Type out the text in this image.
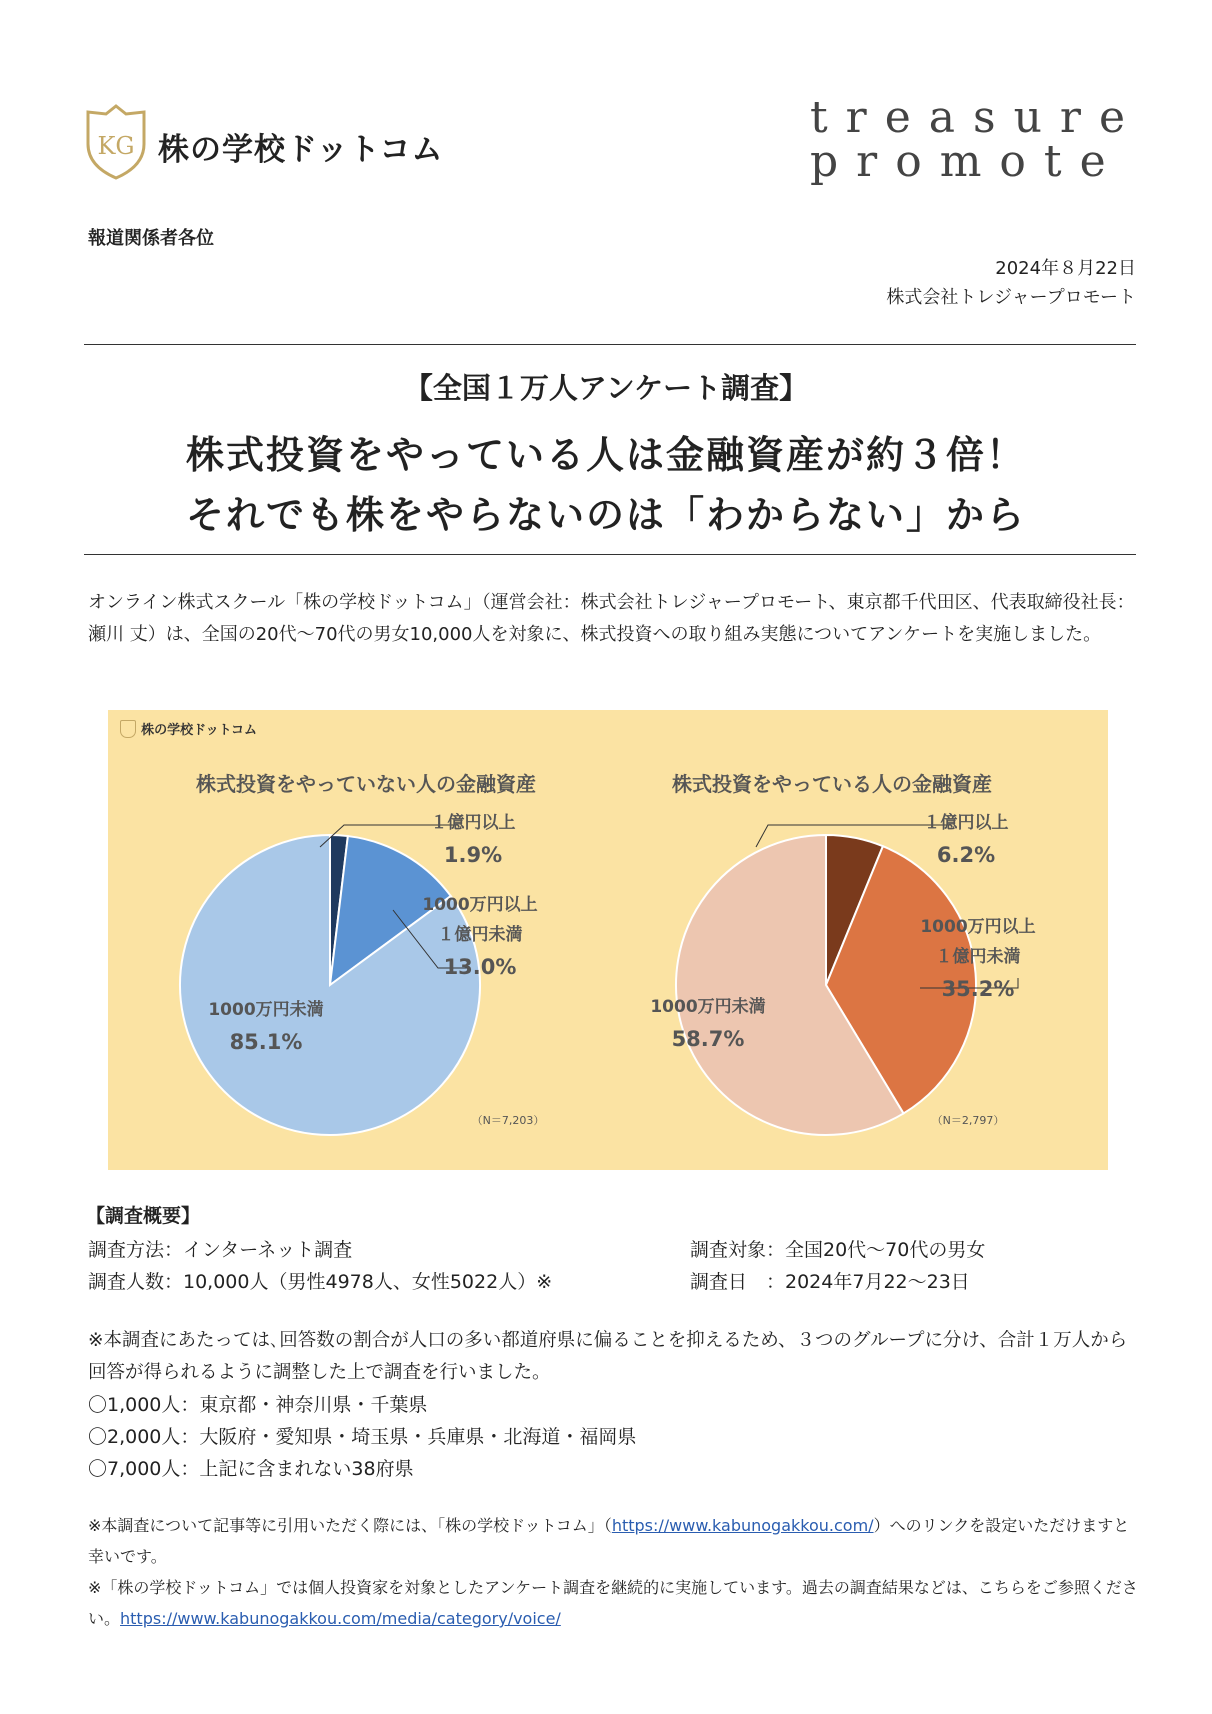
KG 株の学校ドットコム
treasure
promote
報道関係者各位
2024年８月22日
株式会社トレジャープロモート
【全国１万人アンケート調査】
株式投資をやっている人は金融資産が約３倍！
それでも株をやらないのは「わからない」から
オンライン株式スクール「株の学校ドットコム」（運営会社：株式会社トレジャープロモート、東京都千代田区、代表取締役社長：瀬川 丈）は、全国の20代〜70代の男女10,000人を対象に、株式投資への取り組み実態についてアンケートを実施しました。
株の学校ドットコム
株式投資をやっていない人の金融資産	株式投資をやっている人の金融資産
１億円以上
1.9%
1000万円以上
１億円未満
13.0%
1000万円未満
85.1%
（N＝7,203）
１億円以上
6.2%
1000万円以上
１億円未満
35.2%
1000万円未満
58.7%
（N＝2,797）
【調査概要】
調査方法：インターネット調査	調査対象：全国20代〜70代の男女
調査人数：10,000人（男性4978人、女性5022人）※	調査日　：2024年7月22〜23日
※本調査にあたっては､回答数の割合が人口の多い都道府県に偏ることを抑えるため、３つのグループに分け、合計１万人から回答が得られるように調整した上で調査を行いました。
〇1,000人：東京都・神奈川県・千葉県
〇2,000人：大阪府・愛知県・埼玉県・兵庫県・北海道・福岡県
〇7,000人：上記に含まれない38府県
※本調査について記事等に引用いただく際には、「株の学校ドットコム」（https://www.kabunogakkou.com/）へのリンクを設定いただけますと幸いです。
※「株の学校ドットコム」では個人投資家を対象としたアンケート調査を継続的に実施しています。過去の調査結果などは、こちらをご参照ください。https://www.kabunogakkou.com/media/category/voice/
